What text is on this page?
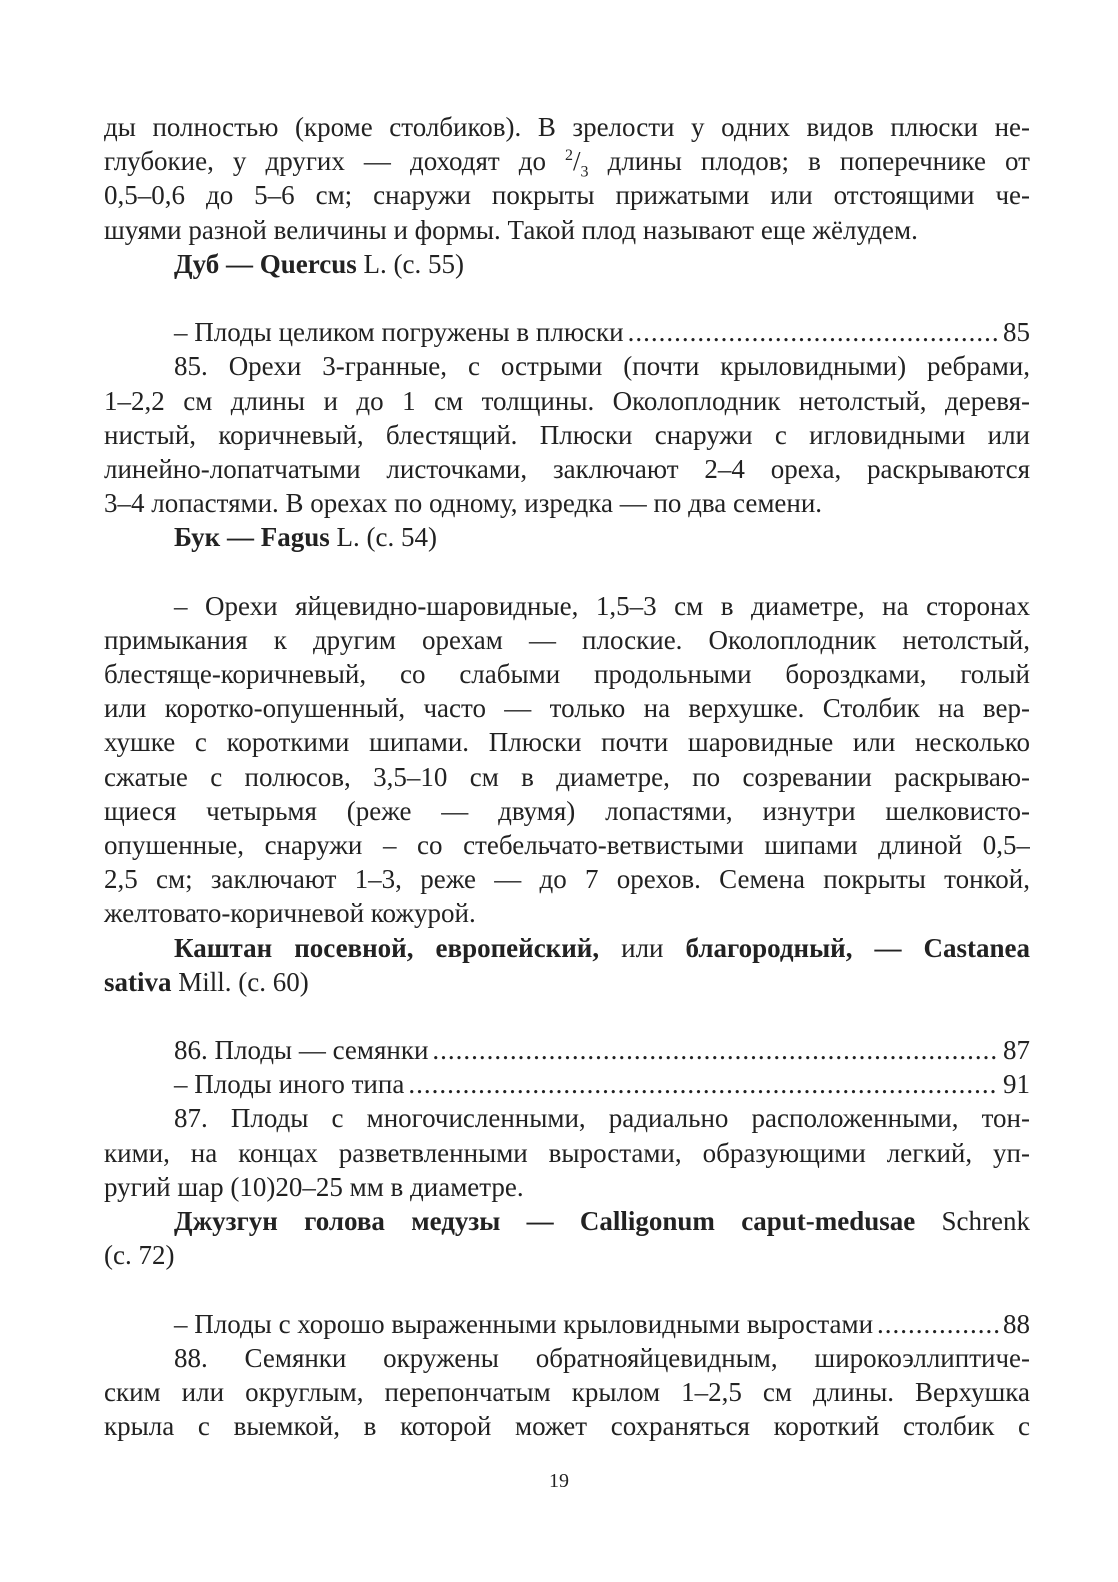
ды полностью (кроме столбиков). В зрелости у одних видов плюски не-
глубокие, у других — доходят до $^2/_3$ длины плодов; в поперечнике от
0,5–0,6 до 5–6 см; снаружи покрыты прижатыми или отстоящими че-
шуями разной величины и формы. Такой плод называют еще жёлудем.
Дуб — Quercus L. (с. 55)
– Плоды целиком погружены в плюски .....	85
85. Орехи 3-гранные, с острыми (почти крыловидными) ребрами,
1–2,2 см длины и до 1 см толщины. Околоплодник нетолстый, деревя-
нистый, коричневый, блестящий. Плюски снаружи с игловидными или
линейно-лопатчатыми листочками, заключают 2–4 ореха, раскрываются
3–4 лопастями. В орехах по одному, изредка — по два семени.
Бук — Fagus L. (с. 54)
– Орехи яйцевидно-шаровидные, 1,5–3 см в диаметре, на сторонах
примыкания к другим орехам — плоские. Околоплодник нетолстый,
блестяще-коричневый, со слабыми продольными бороздками, голый
или коротко-опушенный, часто — только на верхушке. Столбик на вер-
хушке с короткими шипами. Плюски почти шаровидные или несколько
сжатые с полюсов, 3,5–10 см в диаметре, по созревании раскрываю-
щиеся четырьмя (реже — двумя) лопастями, изнутри шелковисто-
опушенные, снаружи – со стебельчато-ветвистыми шипами длиной 0,5–
2,5 см; заключают 1–3, реже — до 7 орехов. Семена покрыты тонкой,
желтовато-коричневой кожурой.
Каштан посевной, европейский, или благородный, — Castanea
sativa Mill. (с. 60)
86. Плоды — семянки .....	87
– Плоды иного типа .....	91
87. Плоды с многочисленными, радиально расположенными, тон-
кими, на концах разветвленными выростами, образующими легкий, уп-
ругий шар (10)20–25 мм в диаметре.
Джузгун голова медузы — Calligonum caput-medusae Schrenk
(с. 72)
– Плоды с хорошо выраженными крыловидными выростами .....	88
88. Семянки окружены обратнояйцевидным, широкоэллиптиче-
ским или округлым, перепончатым крылом 1–2,5 см длины. Верхушка
крыла с выемкой, в которой может сохраняться короткий столбик с
19
